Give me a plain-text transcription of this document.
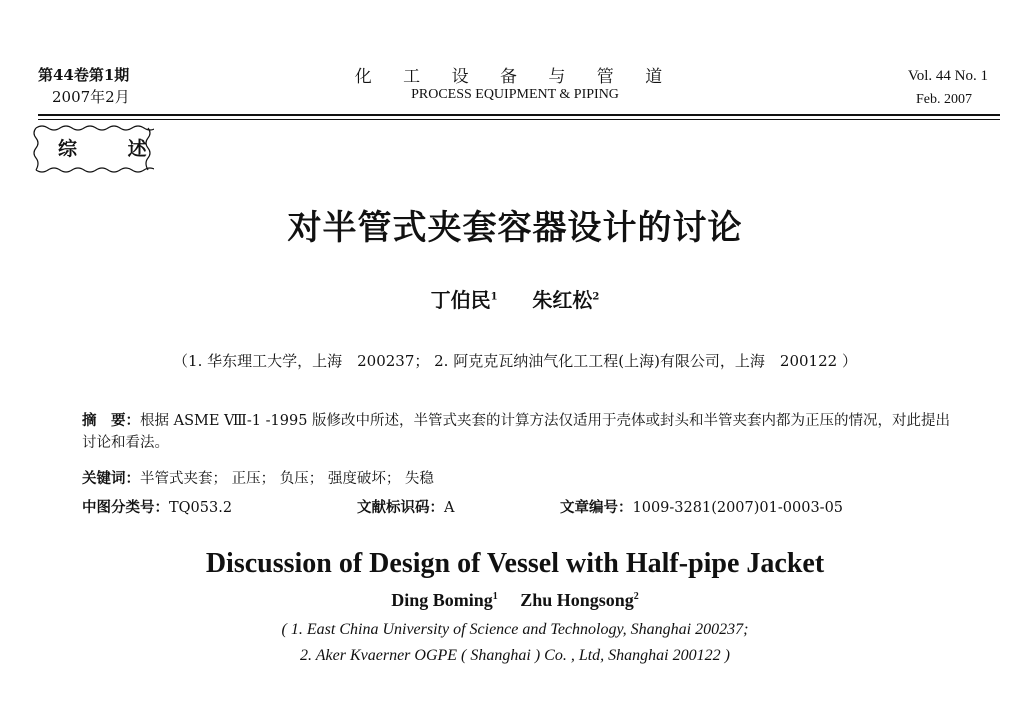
第44卷第1期
2007年2月
化 工 设 备 与 管 道
PROCESS EQUIPMENT & PIPING
Vol. 44 No. 1
Feb. 2007
综 述
对半管式夹套容器设计的讨论
丁伯民$^1$ 朱红松$^2$
（1. 华东理工大学，上海　200237； 2. 阿克克瓦纳油气化工工程(上海)有限公司，上海　200122 ）
摘　要：根据 ASME Ⅷ-1 -1995 版修改中所述，半管式夹套的计算方法仅适用于壳体或封头和半管夹套内都为正压的情况，对此提出讨论和看法。
关键词：半管式夹套； 正压； 负压； 强度破坏； 失稳
中图分类号：TQ053.2	文献标识码：A	文章编号：1009-3281(2007)01-0003-05
Discussion of Design of Vessel with Half-pipe Jacket
Ding Boming$^1$ Zhu Hongsong$^2$
( 1. East China University of Science and Technology, Shanghai 200237;
2. Aker Kvaerner OGPE ( Shanghai ) Co. , Ltd, Shanghai 200122 )
